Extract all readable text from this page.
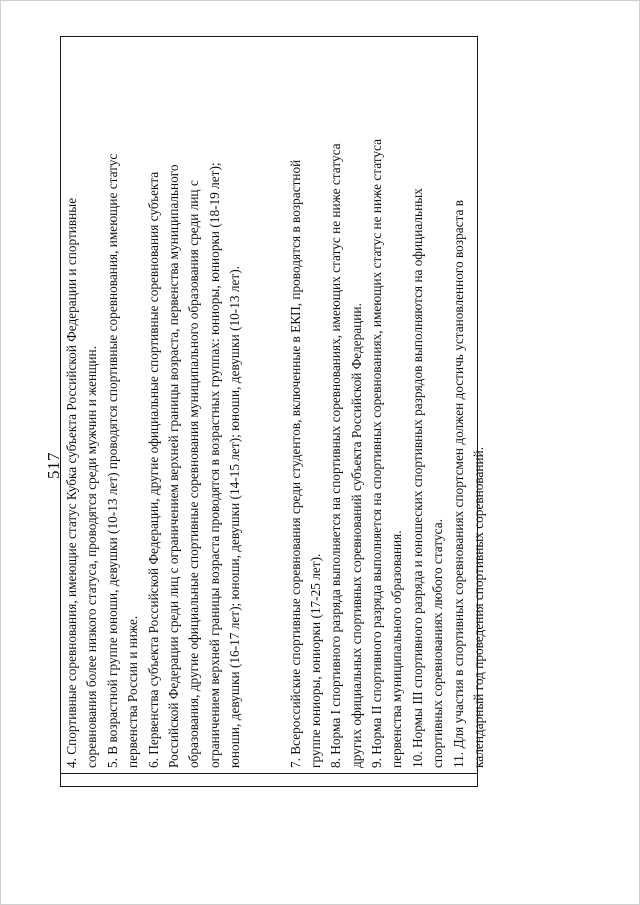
517 4. Спортивные соревнования, имеющие статус Кубка субъекта Российской Федерации и спортивные соревнования более низкого статуса, проводятся среди мужчин и женщин. 5. В возрастной группе юноши, девушки (10-13 лет) проводятся спортивные соревнования, имеющие статус первенства России и ниже. 6. Первенства субъекта Российской Федерации, другие официальные спортивные соревнования субъекта Российской Федерации среди лиц с ограничением верхней границы возраста, первенства муниципального образования, другие официальные спортивные соревнования муниципального образования среди лиц с ограничением верхней границы возраста проводятся в возрастных группах: юниоры, юниорки (18-19 лет); юноши, девушки (16-17 лет); юноши, девушки (14-15 лет); юноши, девушки (10-13 лет).	7. Всероссийские спортивные соревнования среди студентов, включенные в ЕКП, проводятся в возрастной группе юниоры, юниорки (17-25 лет). 8. Норма I спортивного разряда выполняется на спортивных соревнованиях, имеющих статус не ниже статуса других официальных спортивных соревнований субъекта Российской Федерации. 9. Норма II спортивного разряда выполняется на спортивных соревнованиях, имеющих статус не ниже статуса первенства муниципального образования. 10. Нормы III спортивного разряда и юношеских спортивных разрядов выполняются на официальных спортивных соревнованиях любого статуса. 11. Для участия в спортивных соревнованиях спортсмен должен достичь установленного возраста в календарный год проведения спортивных соревнований.
